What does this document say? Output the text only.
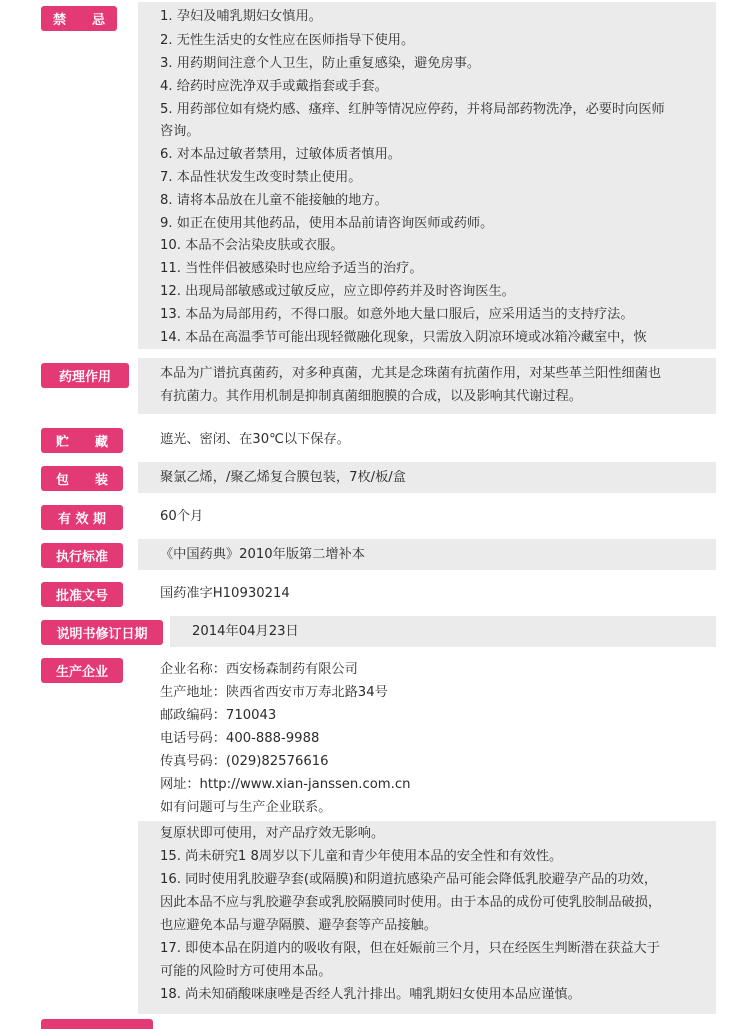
禁　　忌	1. 孕妇及哺乳期妇女慎用。
2. 无性生活史的女性应在医师指导下使用。
3. 用药期间注意个人卫生，防止重复感染，避免房事。
4. 给药时应洗净双手或戴指套或手套。
5. 用药部位如有烧灼感、瘙痒、红肿等情况应停药，并将局部药物洗净，必要时向医师
咨询。
6. 对本品过敏者禁用，过敏体质者慎用。
7. 本品性状发生改变时禁止使用。
8. 请将本品放在儿童不能接触的地方。
9. 如正在使用其他药品，使用本品前请咨询医师或药师。
10. 本品不会沾染皮肤或衣服。
11. 当性伴侣被感染时也应给予适当的治疗。
12. 出现局部敏感或过敏反应，应立即停药并及时咨询医生。
13. 本品为局部用药，不得口服。如意外地大量口服后，应采用适当的支持疗法。
14. 本品在高温季节可能出现轻微融化现象，只需放入阴凉环境或冰箱冷藏室中，恢
药理作用	本品为广谱抗真菌药，对多种真菌，尤其是念珠菌有抗菌作用，对某些革兰阳性细菌也
有抗菌力。其作用机制是抑制真菌细胞膜的合成，以及影响其代谢过程。
贮　　藏	遮光、密闭、在30℃以下保存。
包　　装	聚氯乙烯，/聚乙烯复合膜包装，7枚/板/盒
有 效 期	60个月
执行标准	《中国药典》2010年版第二增补本
批准文号	国药准字H10930214
说明书修订日期	2014年04月23日
生产企业	企业名称：西安杨森制药有限公司
生产地址：陕西省西安市万寿北路34号
邮政编码：710043
电话号码：400-888-9988
传真号码：(029)82576616
网址：http://www.xian-janssen.com.cn
如有问题可与生产企业联系。
复原状即可使用，对产品疗效无影响。
15. 尚未研究1 8周岁以下儿童和青少年使用本品的安全性和有效性。
16. 同时使用乳胶避孕套(或隔膜)和阴道抗感染产品可能会降低乳胶避孕产品的功效，
因此本品不应与乳胶避孕套或乳胶隔膜同时使用。由于本品的成份可使乳胶制品破损，
也应避免本品与避孕隔膜、避孕套等产品接触。
17. 即使本品在阴道内的吸收有限，但在妊娠前三个月，只在经医生判断潜在获益大于
可能的风险时方可使用本品。
18. 尚未知硝酸咪康唑是否经人乳汁排出。哺乳期妇女使用本品应谨慎。
